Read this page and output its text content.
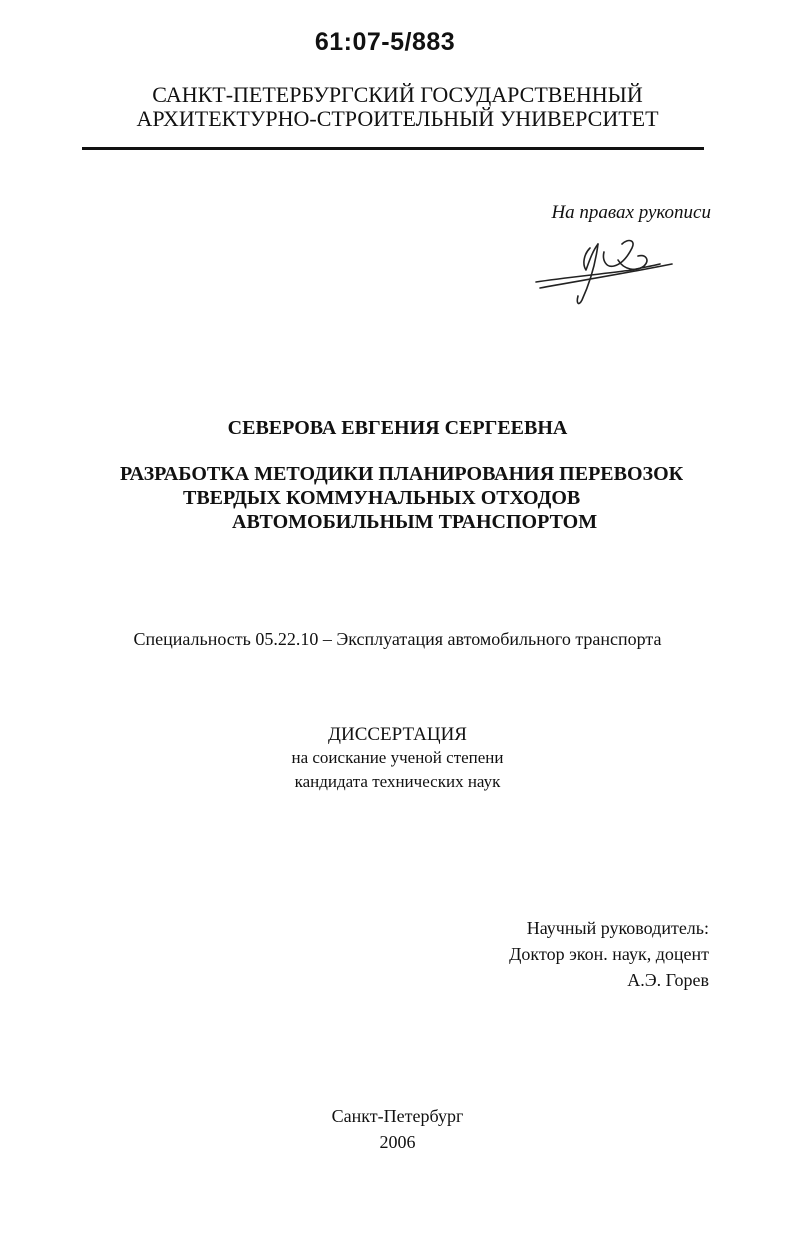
61:07-5/883
САНКТ-ПЕТЕРБУРГСКИЙ ГОСУДАРСТВЕННЫЙ
АРХИТЕКТУРНО-СТРОИТЕЛЬНЫЙ УНИВЕРСИТЕТ
На правах рукописи
СЕВЕРОВА ЕВГЕНИЯ СЕРГЕЕВНА
РАЗРАБОТКА МЕТОДИКИ ПЛАНИРОВАНИЯ ПЕРЕВОЗОК
ТВЕРДЫХ КОММУНАЛЬНЫХ ОТХОДОВ
АВТОМОБИЛЬНЫМ ТРАНСПОРТОМ
Специальность 05.22.10 – Эксплуатация автомобильного транспорта
ДИССЕРТАЦИЯ
на соискание ученой степени
кандидата технических наук
Научный руководитель:
Доктор экон. наук, доцент
А.Э. Горев
Санкт-Петербург
2006
